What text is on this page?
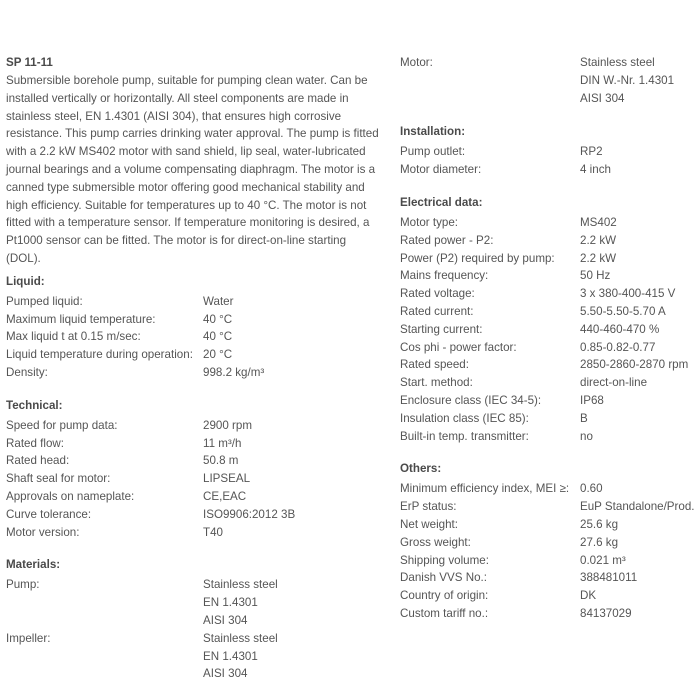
SP 11-11

Submersible borehole pump, suitable for pumping clean water. Can be installed vertically or horizontally. All steel components are made in stainless steel, EN 1.4301 (AISI 304), that ensures high corrosive resistance. This pump carries drinking water approval. The pump is fitted with a 2.2 kW MS402 motor with sand shield, lip seal, water-lubricated journal bearings and a volume compensating diaphragm. The motor is a canned type submersible motor offering good mechanical stability and high efficiency. Suitable for temperatures up to 40 °C. The motor is not fitted with a temperature sensor. If temperature monitoring is desired, a Pt1000 sensor can be fitted. The motor is for direct-on-line starting (DOL).

Liquid:
Pumped liquid:	Water
Maximum liquid temperature:	40 °C
Max liquid t at 0.15 m/sec:	40 °C
Liquid temperature during operation: 20 °C
Density:	998.2 kg/m³
Technical:
Speed for pump data:	2900 rpm
Rated flow:	11 m³/h
Rated head:	50.8 m
Shaft seal for motor:	LIPSEAL
Approvals on nameplate:	CE,EAC
Curve tolerance:	ISO9906:2012 3B
Motor version:	T40
Materials:
Pump:	Stainless steel
EN 1.4301
AISI 304
Impeller:	Stainless steel
EN 1.4301
AISI 304
Motor:	Stainless steel
DIN W.-Nr. 1.4301
AISI 304
Installation:
Pump outlet:	RP2
Motor diameter:	4 inch
Electrical data:
Motor type:	MS402
Rated power - P2:	2.2 kW
Power (P2) required by pump:	2.2 kW
Mains frequency:	50 Hz
Rated voltage:	3 x 380-400-415 V
Rated current:	5.50-5.50-5.70 A
Starting current:	440-460-470 %
Cos phi - power factor:	0.85-0.82-0.77
Rated speed:	2850-2860-2870 rpm
Start. method:	direct-on-line
Enclosure class (IEC 34-5):	IP68
Insulation class (IEC 85):	B
Built-in temp. transmitter:	no
Others:
Minimum efficiency index, MEI ≥: 0.60
ErP status:	EuP Standalone/Prod.
Net weight:	25.6 kg
Gross weight:	27.6 kg
Shipping volume:	0.021 m³
Danish VVS No.:	388481011
Country of origin:	DK
Custom tariff no.:	84137029
